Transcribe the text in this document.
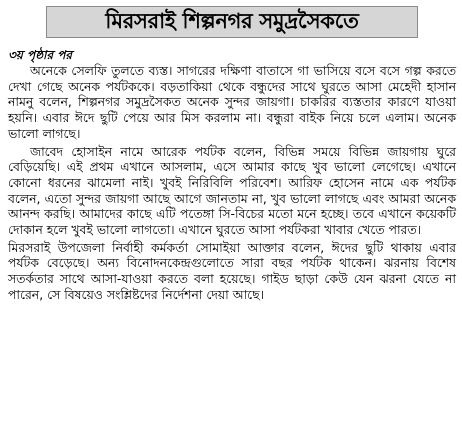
মিরসরাই শিল্পনগর সমুদ্রসৈকতে
৩য় পৃষ্ঠার পর

অনেকে সেলফি তুলতে ব্যস্ত। সাগরের দক্ষিণা বাতাসে গা ভাসিয়ে বসে বসে গল্প করতে দেখা গেছে অনেক পর্যটককে। বড়তাকিয়া থেকে বন্ধুদের সাথে ঘুরতে আসা মেহেদী হাসান নামনু বলেন, শিল্পনগর সমুদ্রসৈকত অনেক সুন্দর জায়গা। চাকরির ব্যস্ততার কারণে যাওয়া হয়নি। এবার ঈদে ছুটি পেয়ে আর মিস করলাম না। বন্ধুরা বাইক নিয়ে চলে এলাম। অনেক ভালো লাগছে।

জাবেদ হোসাইন নামে আরেক পর্যটক বলেন, বিভিন্ন সময়ে বিভিন্ন জায়গায় ঘুরে বেড়িয়েছি। এই প্রথম এখানে আসলাম, এসে আমার কাছে খুব ভালো লেগেছে। এখানে কোনো ধরনের ঝামেলা নাই। খুবই নিরিবিলি পরিবেশ। আরিফ হোসেন নামে এক পর্যটক বলেন, এতো সুন্দর জায়গা আছে আগে জানতাম না, খুব ভালো লাগছে এবং আমরা অনেক আনন্দ করছি। আমাদের কাছে এটি পতেঙ্গা সি-বিচের মতো মনে হচ্ছে। তবে এখানে কয়েকটি দোকান হলে খুবই ভালো লাগতো। এখানে ঘুরতে আসা পর্যটকরা খাবার খেতে পারত।

মিরসরাই উপজেলা নির্বাহী কর্মকর্তা সোমাইয়া আক্তার বলেন, ঈদের ছুটি থাকায় এবার পর্যটক বেড়েছে। অন্য বিনোদনকেন্দ্রগুলোতে সারা বছর পর্যটক থাকেন। ঝরনায় বিশেষ সতর্কতার সাথে আসা-যাওয়া করতে বলা হয়েছে। গাইড ছাড়া কেউ যেন ঝরনা যেতে না পারেন, সে বিষয়েও সংশ্লিষ্টদের নির্দেশনা দেয়া আছে।
